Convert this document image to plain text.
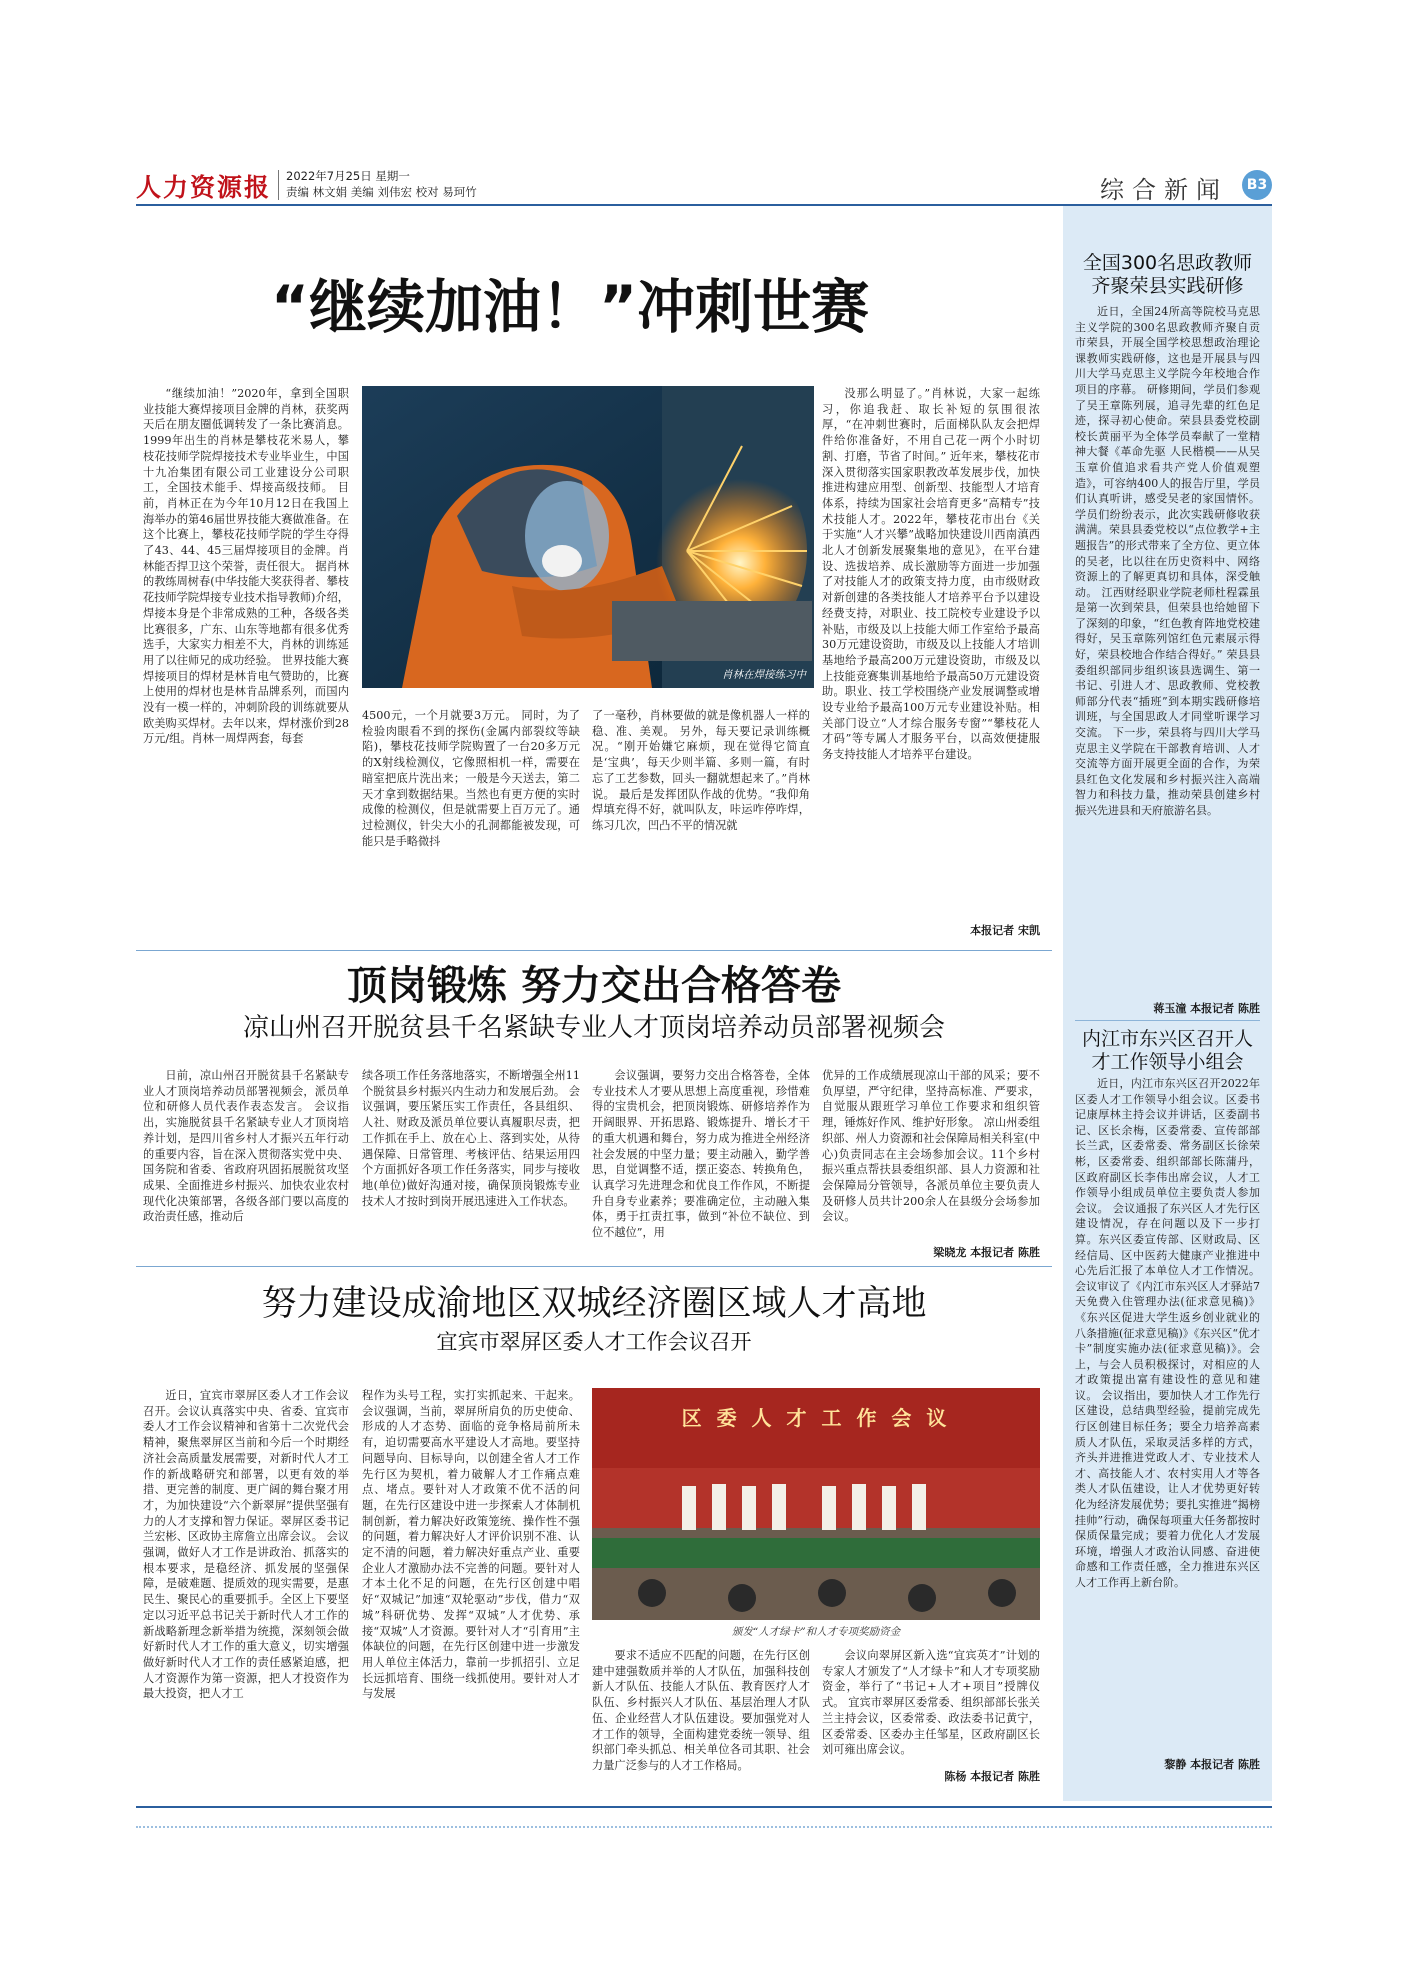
人力资源报 2022年7月25日 星期一
责编 林文娟 美编 刘伟宏 校对 易珂竹	综合新闻	B3
“继续加油！”冲刺世赛
“继续加油！”2020年，拿到全国职业技能大赛焊接项目金牌的肖林，获奖两天后在朋友圈低调转发了一条比赛消息。 1999年出生的肖林是攀枝花米易人，攀枝花技师学院焊接技术专业毕业生，中国十九冶集团有限公司工业建设分公司职工，全国技术能手、焊接高级技师。 目前，肖林正在为今年10月12日在我国上海举办的第46届世界技能大赛做准备。在这个比赛上，攀枝花技师学院的学生夺得了43、44、45三届焊接项目的金牌。肖林能否捍卫这个荣誉，责任很大。 据肖林的教练周树春(中华技能大奖获得者、攀枝花技师学院焊接专业技术指导教师)介绍，焊接本身是个非常成熟的工种，各级各类比赛很多，广东、山东等地都有很多优秀选手，大家实力相差不大，肖林的训练延用了以往师兄的成功经验。 世界技能大赛焊接项目的焊材是林肯电气赞助的，比赛上使用的焊材也是林肯品牌系列，而国内没有一模一样的，冲刺阶段的训练就要从欧美购买焊材。去年以来，焊材涨价到28万元/组。肖林一周焊两套，每套
肖林在焊接练习中
4500元，一个月就要3万元。 同时，为了检验肉眼看不到的探伤(金属内部裂纹等缺陷)，攀枝花技师学院购置了一台20多万元的X射线检测仪，它像照相机一样，需要在暗室把底片洗出来；一般是今天送去，第二天才拿到数据结果。当然也有更方便的实时成像的检测仪，但是就需要上百万元了。通过检测仪，针尖大小的孔洞都能被发现，可能只是手略微抖
了一毫秒，肖林要做的就是像机器人一样的稳、准、美观。 另外，每天要记录训练概况。“刚开始嫌它麻烦，现在觉得它简直是‘宝典’，每天少则半篇、多则一篇，有时忘了工艺参数，回头一翻就想起来了。”肖林说。 最后是发挥团队作战的优势。“我仰角焊填充得不好，就叫队友，咔运咋停咋焊，练习几次，凹凸不平的情况就
没那么明显了。”肖林说，大家一起练习，你追我赶、取长补短的氛围很浓厚，“在冲刺世赛时，后面梯队队友会把焊件给你准备好，不用自己花一两个小时切割、打磨，节省了时间。” 近年来，攀枝花市深入贯彻落实国家职教改革发展步伐，加快推进构建应用型、创新型、技能型人才培育体系，持续为国家社会培育更多“高精专”技术技能人才。2022年，攀枝花市出台《关于实施“人才兴攀”战略加快建设川西南滇西北人才创新发展聚集地的意见》，在平台建设、选拔培养、成长激励等方面进一步加强了对技能人才的政策支持力度，由市级财政对新创建的各类技能人才培养平台予以建设经费支持，对职业、技工院校专业建设予以补贴，市级及以上技能大师工作室给予最高30万元建设资助，市级及以上技能人才培训基地给予最高200万元建设资助，市级及以上技能竞赛集训基地给予最高50万元建设资助。职业、技工学校围绕产业发展调整或增设专业给予最高100万元专业建设补贴。相关部门设立“人才综合服务专窗”“攀枝花人才码”等专属人才服务平台，以高效便捷服务支持技能人才培养平台建设。
本报记者 宋凯
顶岗锻炼 努力交出合格答卷
凉山州召开脱贫县千名紧缺专业人才顶岗培养动员部署视频会
日前，凉山州召开脱贫县千名紧缺专业人才顶岗培养动员部署视频会，派员单位和研修人员代表作表态发言。 会议指出，实施脱贫县千名紧缺专业人才顶岗培养计划，是四川省乡村人才振兴五年行动的重要内容，旨在深入贯彻落实党中央、国务院和省委、省政府巩固拓展脱贫攻坚成果、全面推进乡村振兴、加快农业农村现代化决策部署，各级各部门要以高度的政治责任感，推动后
续各项工作任务落地落实，不断增强全州11个脱贫县乡村振兴内生动力和发展后劲。 会议强调，要压紧压实工作责任，各县组织、人社、财政及派员单位要认真履职尽责，把工作抓在手上、放在心上、落到实处，从待遇保障、日常管理、考核评估、结果运用四个方面抓好各项工作任务落实，同步与接收地(单位)做好沟通对接，确保顶岗锻炼专业技术人才按时到岗开展迅速进入工作状态。
会议强调，要努力交出合格答卷，全体专业技术人才要从思想上高度重视，珍惜难得的宝贵机会，把顶岗锻炼、研修培养作为开阔眼界、开拓思路、锻炼提升、增长才干的重大机遇和舞台，努力成为推进全州经济社会发展的中坚力量；要主动融入，勤学善思，自觉调整不适，摆正姿态、转换角色，认真学习先进理念和优良工作作风，不断提升自身专业素养；要准确定位，主动融入集体，勇于扛责扛事，做到“补位不缺位、到位不越位”，用
优异的工作成绩展现凉山干部的风采；要不负厚望，严守纪律，坚持高标准、严要求，自觉服从跟班学习单位工作要求和组织管理，锤炼好作风、维护好形象。 凉山州委组织部、州人力资源和社会保障局相关科室(中心)负责同志在主会场参加会议。11个乡村振兴重点帮扶县委组织部、县人力资源和社会保障局分管领导，各派员单位主要负责人及研修人员共计200余人在县级分会场参加会议。
梁晓龙 本报记者 陈胜
努力建设成渝地区双城经济圈区域人才高地
宜宾市翠屏区委人才工作会议召开
近日，宜宾市翠屏区委人才工作会议召开。会议认真落实中央、省委、宜宾市委人才工作会议精神和省第十二次党代会精神，聚焦翠屏区当前和今后一个时期经济社会高质量发展需要，对新时代人才工作的新战略研究和部署，以更有效的举措、更完善的制度、更广阔的舞台聚才用才，为加快建设“六个新翠屏”提供坚强有力的人才支撑和智力保证。翠屏区委书记兰宏彬、区政协主席詹立出席会议。 会议强调，做好人才工作是讲政治、抓落实的根本要求，是稳经济、抓发展的坚强保障，是破难题、提质效的现实需要，是惠民生、聚民心的重要抓手。全区上下要坚定以习近平总书记关于新时代人才工作的新战略新理念新举措为统揽，深刻领会做好新时代人才工作的重大意义，切实增强做好新时代人才工作的责任感紧迫感，把人才资源作为第一资源，把人才投资作为最大投资，把人才工
程作为头号工程，实打实抓起来、干起来。 会议强调，当前，翠屏所肩负的历史使命、形成的人才态势、面临的竞争格局前所未有，迫切需要高水平建设人才高地。要坚持问题导向、目标导向，以创建全省人才工作先行区为契机，着力破解人才工作痛点难点、堵点。要针对人才政策不优不活的问题，在先行区建设中进一步探索人才体制机制创新，着力解决好政策笼统、操作性不强的问题，着力解决好人才评价识别不准、认定不清的问题，着力解决好重点产业、重要企业人才激励办法不完善的问题。要针对人才本土化不足的问题，在先行区创建中唱好“双城记”加速“双轮驱动”步伐，借力“双城”科研优势、发挥“双城”人才优势、承接“双城”人才资源。要针对人才“引育用”主体缺位的问题，在先行区创建中进一步激发用人单位主体活力，靠前一步抓招引、立足长远抓培育、围绕一线抓使用。要针对人才与发展
区 委 人 才 工 作 会 议
颁发“人才绿卡”和人才专项奖励资金
要求不适应不匹配的问题，在先行区创建中建强数质并举的人才队伍，加强科技创新人才队伍、技能人才队伍、教育医疗人才队伍、乡村振兴人才队伍、基层治理人才队伍、企业经营人才队伍建设。要加强党对人才工作的领导，全面构建党委统一领导、组织部门牵头抓总、相关单位各司其职、社会力量广泛参与的人才工作格局。
会议向翠屏区新入选“宜宾英才”计划的专家人才颁发了“人才绿卡”和人才专项奖励资金，举行了“书记+人才+项目”授牌仪式。 宜宾市翠屏区委常委、组织部部长张关兰主持会议，区委常委、政法委书记黄宁，区委常委、区委办主任邹星，区政府副区长刘可雍出席会议。
陈杨 本报记者 陈胜
全国300名思政教师齐聚荣县实践研修
近日，全国24所高等院校马克思主义学院的300名思政教师齐聚自贡市荣县，开展全国学校思想政治理论课教师实践研修，这也是开展县与四川大学马克思主义学院今年校地合作项目的序幕。 研修期间，学员们参观了吴王章陈列展，追寻先辈的红色足迹，探寻初心使命。荣县县委党校副校长黄丽平为全体学员奉献了一堂精神大餐《革命先驱 人民楷模——从吴玉章价值追求看共产党人价值观塑造》，可容纳400人的报告厅里，学员们认真听讲，感受吴老的家国情怀。 学员们纷纷表示，此次实践研修收获满满。荣县县委党校以“点位教学+主题报告”的形式带来了全方位、更立体的吴老，比以往在历史资料中、网络资源上的了解更真切和具体，深受触动。 江西财经职业学院老师杜程霖虽是第一次到荣县，但荣县也给她留下了深刻的印象，“红色教育阵地党校建得好，吴玉章陈列馆红色元素展示得好，荣县校地合作结合得好。” 荣县县委组织部同步组织该县选调生、第一书记、引进人才、思政教师、党校教师部分代表“插班”到本期实践研修培训班，与全国思政人才同堂听课学习交流。 下一步，荣县将与四川大学马克思主义学院在干部教育培训、人才交流等方面开展更全面的合作，为荣县红色文化发展和乡村振兴注入高端智力和科技力量，推动荣县创建乡村振兴先进县和天府旅游名县。
蒋玉潼 本报记者 陈胜
内江市东兴区召开人才工作领导小组会
近日，内江市东兴区召开2022年区委人才工作领导小组会议。区委书记康厚林主持会议并讲话，区委副书记、区长余梅，区委常委、宣传部部长兰武，区委常委、常务副区长徐荣彬，区委常委、组织部部长陈蒲丹，区政府副区长李伟出席会议，人才工作领导小组成员单位主要负责人参加会议。 会议通报了东兴区人才先行区建设情况，存在问题以及下一步打算。东兴区委宣传部、区财政局、区经信局、区中医药大健康产业推进中心先后汇报了本单位人才工作情况。 会议审议了《内江市东兴区人才驿站7天免费入住管理办法(征求意见稿)》《东兴区促进大学生返乡创业就业的八条措施(征求意见稿)》《东兴区“优才卡”制度实施办法(征求意见稿)》。会上，与会人员积极探讨，对相应的人才政策提出富有建设性的意见和建议。 会议指出，要加快人才工作先行区建设，总结典型经验，提前完成先行区创建目标任务；要全力培养高素质人才队伍，采取灵活多样的方式，齐头并进推进党政人才、专业技术人才、高技能人才、农村实用人才等各类人才队伍建设，让人才优势更好转化为经济发展优势；要扎实推进“揭榜挂帅”行动，确保每项重大任务都按时保质保量完成；要着力优化人才发展环境，增强人才政治认同感、奋进使命感和工作责任感，全力推进东兴区人才工作再上新台阶。
黎静 本报记者 陈胜
